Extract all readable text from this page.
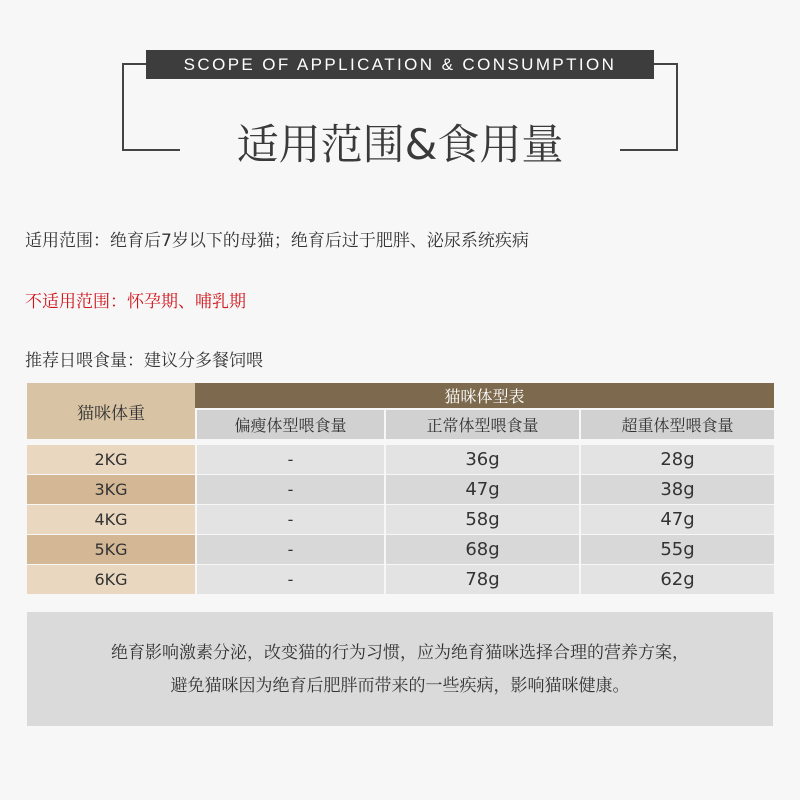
SCOPE OF APPLICATION & CONSUMPTION
适用范围&食用量
适用范围：绝育后7岁以下的母猫；绝育后过于肥胖、泌尿系统疾病
不适用范围：怀孕期、哺乳期
推荐日喂食量：建议分多餐饲喂
猫咪体重
猫咪体型表
偏瘦体型喂食量	正常体型喂食量	超重体型喂食量
2KG	-	36g	28g
3KG	-	47g	38g
4KG	-	58g	47g
5KG	-	68g	55g
6KG	-	78g	62g
绝育影响激素分泌，改变猫的行为习惯，应为绝育猫咪选择合理的营养方案，
避免猫咪因为绝育后肥胖而带来的一些疾病，影响猫咪健康。
